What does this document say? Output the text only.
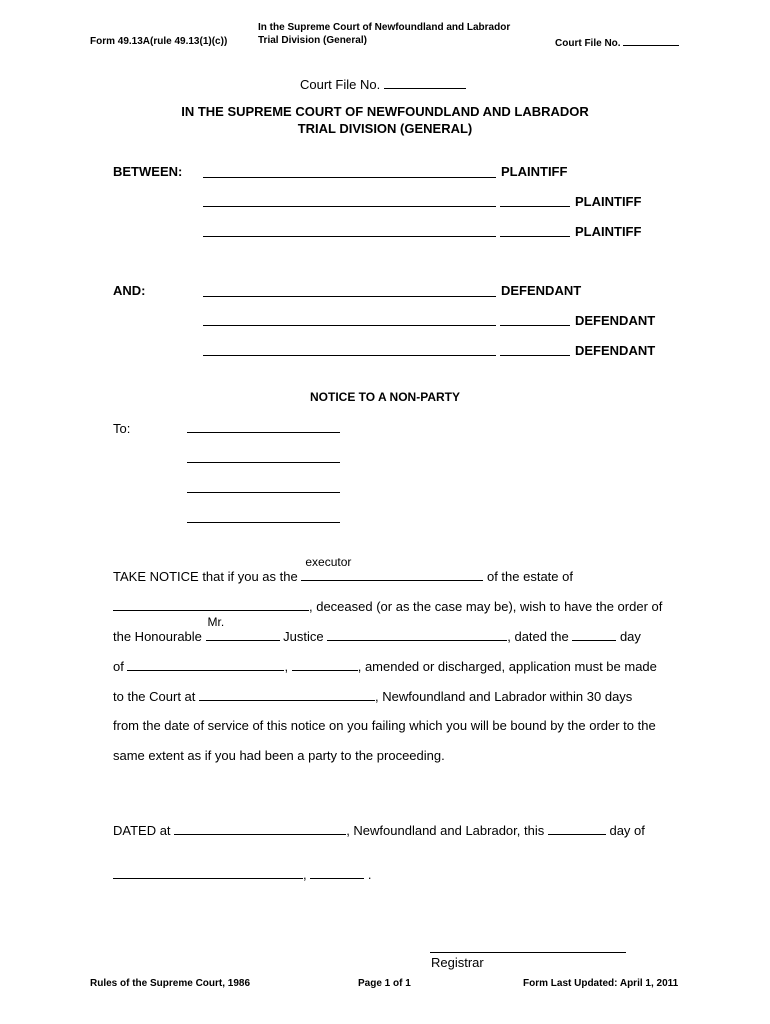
Form 49.13A(rule 49.13(1)(c))
In the Supreme Court of Newfoundland and Labrador
Trial Division (General)	Court File No.
Court File No.
IN THE SUPREME COURT OF NEWFOUNDLAND AND LABRADOR
TRIAL DIVISION (GENERAL)
BETWEEN:	PLAINTIFF
PLAINTIFF
PLAINTIFF
AND:	DEFENDANT
DEFENDANT
DEFENDANT
NOTICE TO A NON-PARTY
To:
TAKE NOTICE that if you as the
executor
of the estate of
, deceased (or as the case may be), wish to have the order of
the Honourable
Mr.
Justice	, dated the	day
of	,	, amended or discharged, application must be made
to the Court at	, Newfoundland and Labrador within 30 days
from the date of service of this notice on you failing which you will be bound by the order to the
same extent as if you had been a party to the proceeding.
DATED at	, Newfoundland and Labrador, this	day of
,	.
Registrar
Rules of the Supreme Court, 1986	Page 1 of 1	Form Last Updated: April 1, 2011
